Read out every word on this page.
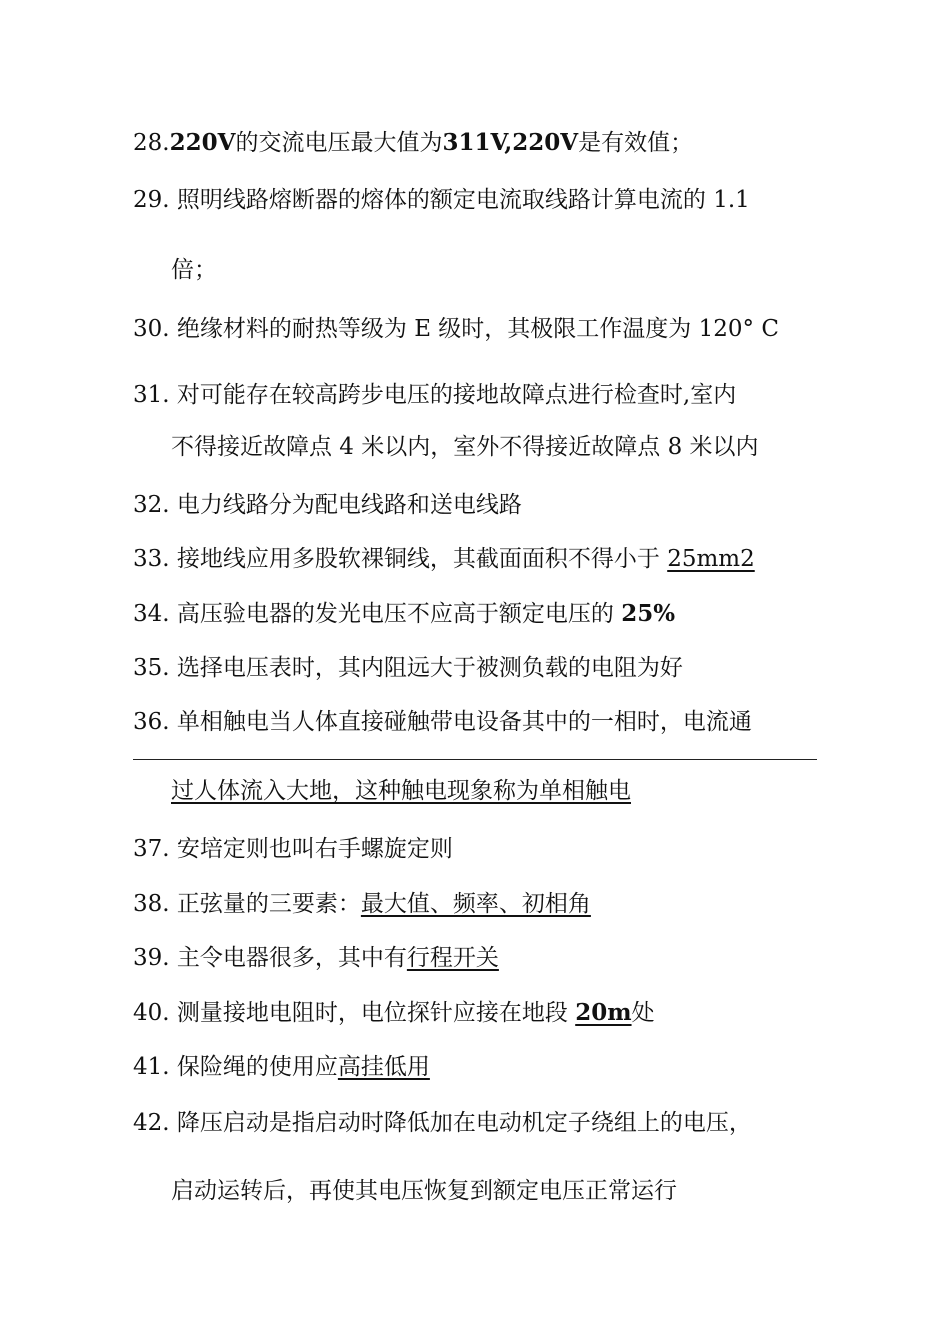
28.220V的交流电压最大值为311V,220V是有效值；
29. 照明线路熔断器的熔体的额定电流取线路计算电流的 1.1
倍；
30. 绝缘材料的耐热等级为 E 级时，其极限工作温度为 120° C
31. 对可能存在较高跨步电压的接地故障点进行检查时,室内
不得接近故障点 4 米以内，室外不得接近故障点 8 米以内
32. 电力线路分为配电线路和送电线路
33. 接地线应用多股软裸铜线，其截面面积不得小于 25mm2
34. 高压验电器的发光电压不应高于额定电压的 25%
35. 选择电压表时，其内阻远大于被测负载的电阻为好
36. 单相触电当人体直接碰触带电设备其中的一相时，电流通
过人体流入大地，这种触电现象称为单相触电
37. 安培定则也叫右手螺旋定则
38. 正弦量的三要素：最大值、频率、初相角
39. 主令电器很多，其中有行程开关
40. 测量接地电阻时，电位探针应接在地段 20m处
41. 保险绳的使用应高挂低用
42. 降压启动是指启动时降低加在电动机定子绕组上的电压，
启动运转后，再使其电压恢复到额定电压正常运行
